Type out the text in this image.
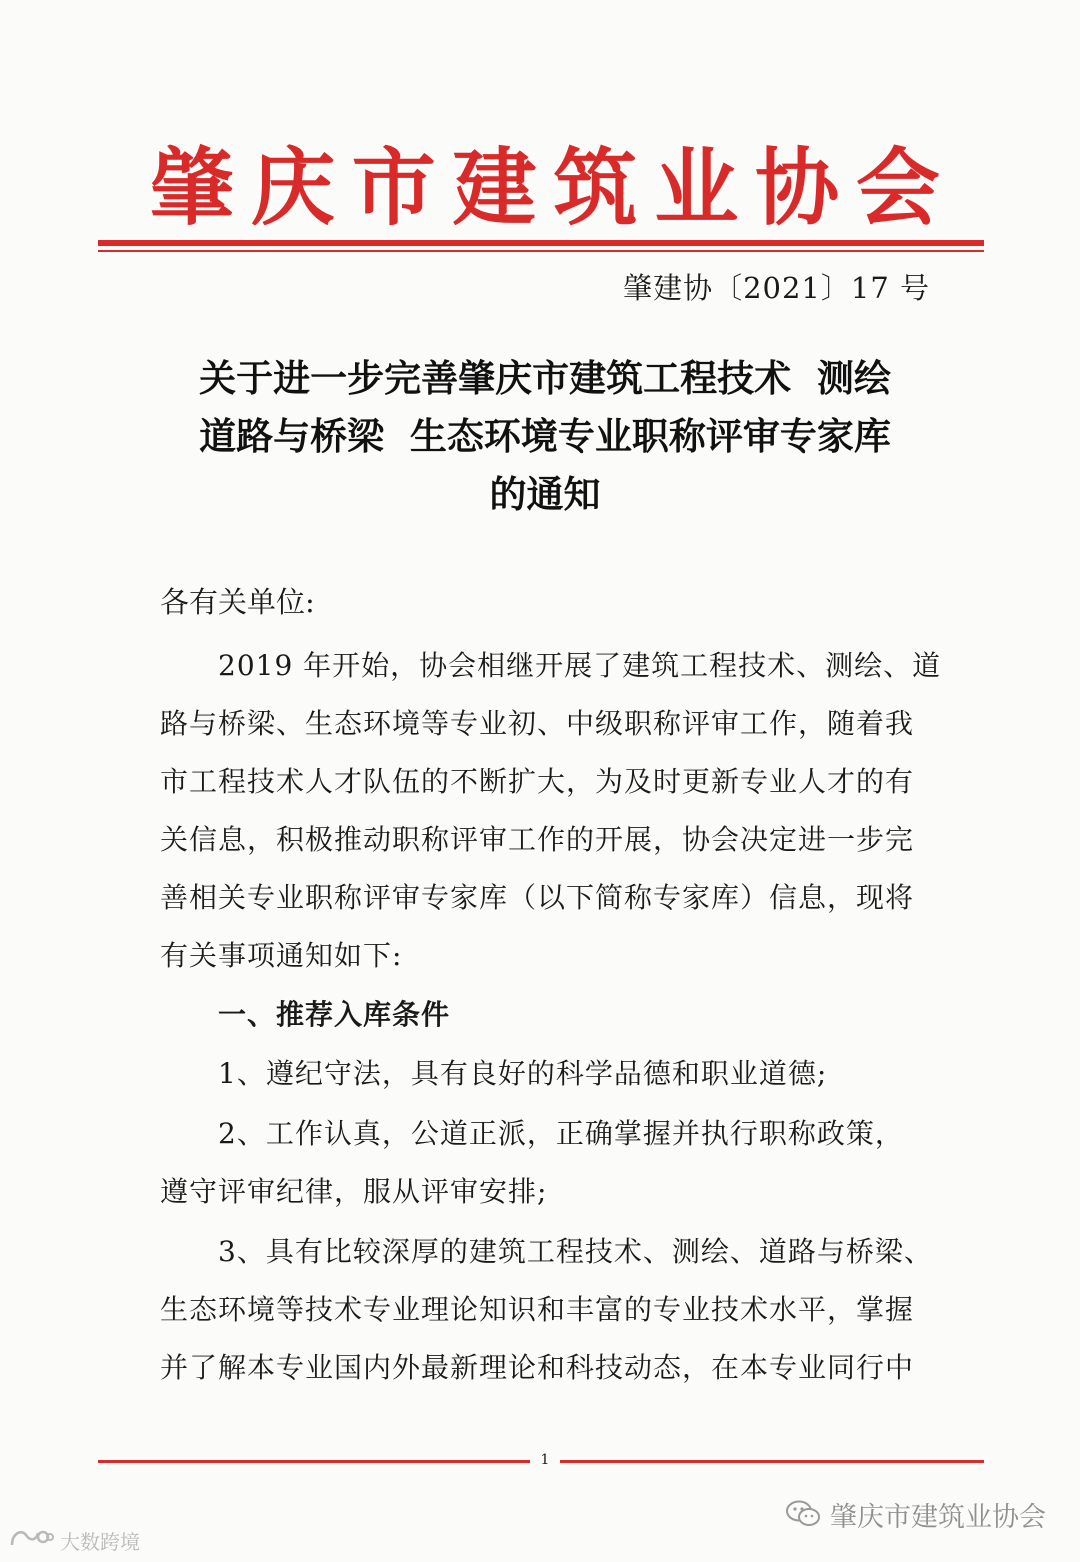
肇 庆 市 建 筑 业 协 会
肇建协〔2021〕17 号
关于进一步完善肇庆市建筑工程技术  测绘
道路与桥梁  生态环境专业职称评审专家库
的通知
各有关单位:
2019 年开始，协会相继开展了建筑工程技术、测绘、道
路与桥梁、生态环境等专业初、中级职称评审工作，随着我
市工程技术人才队伍的不断扩大，为及时更新专业人才的有
关信息，积极推动职称评审工作的开展，协会决定进一步完
善相关专业职称评审专家库（以下简称专家库）信息，现将
有关事项通知如下:
一、推荐入库条件
1、遵纪守法，具有良好的科学品德和职业道德;
2、工作认真，公道正派，正确掌握并执行职称政策，
遵守评审纪律，服从评审安排;
3、具有比较深厚的建筑工程技术、测绘、道路与桥梁、
生态环境等技术专业理论知识和丰富的专业技术水平，掌握
并了解本专业国内外最新理论和科技动态，在本专业同行中
1
肇庆市建筑业协会
大数跨境
